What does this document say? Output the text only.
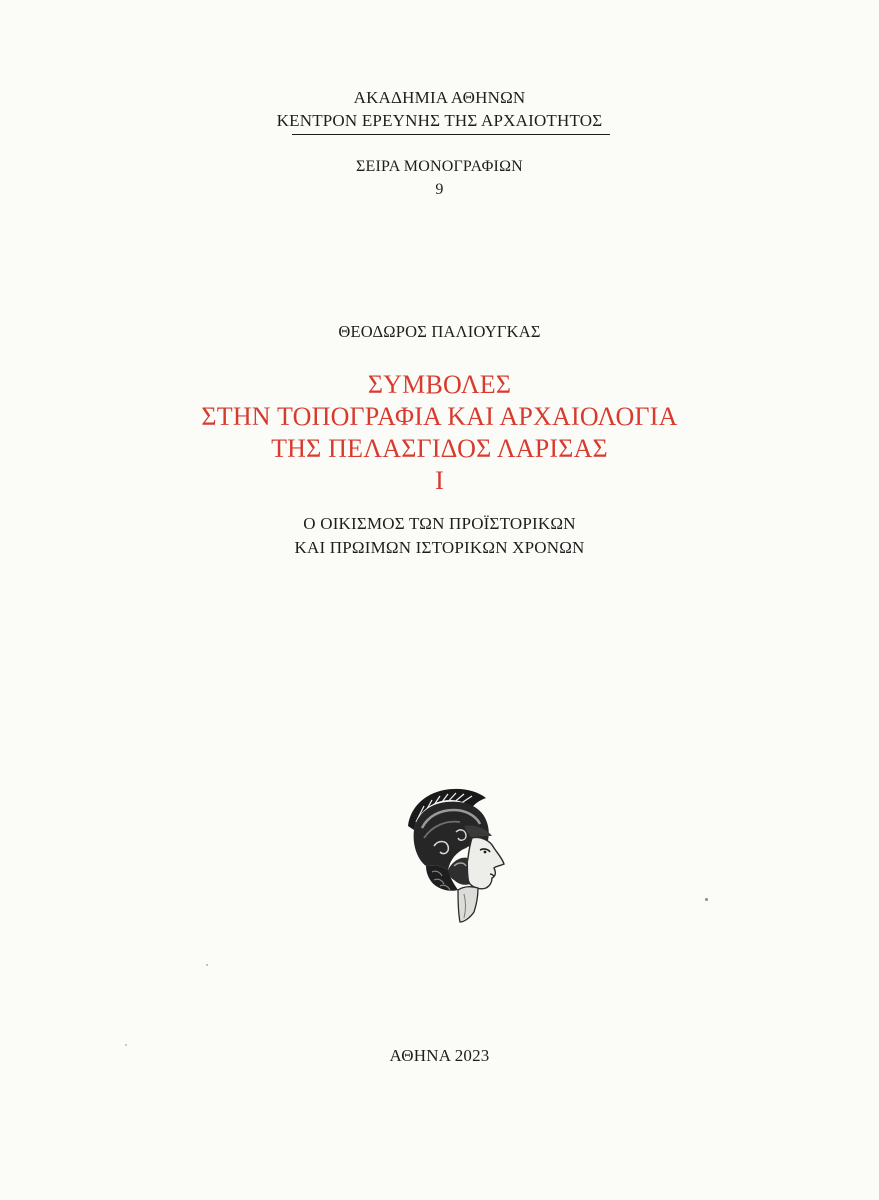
ΑΚΑΔΗΜΙΑ ΑΘΗΝΩΝ
ΚΕΝΤΡΟΝ ΕΡΕΥΝΗΣ ΤΗΣ ΑΡΧΑΙΟΤΗΤΟΣ
ΣΕΙΡΑ ΜΟΝΟΓΡΑΦΙΩΝ
9
ΘΕΟΔΩΡΟΣ ΠΑΛΙΟΥΓΚΑΣ
ΣΥΜΒΟΛΕΣ
ΣΤΗΝ ΤΟΠΟΓΡΑΦΙΑ ΚΑΙ ΑΡΧΑΙΟΛΟΓΙΑ
ΤΗΣ ΠΕΛΑΣΓΙΔΟΣ ΛΑΡΙΣΑΣ
I
Ο ΟΙΚΙΣΜΟΣ ΤΩΝ ΠΡΟΪΣΤΟΡΙΚΩΝ
ΚΑΙ ΠΡΩΙΜΩΝ ΙΣΤΟΡΙΚΩΝ ΧΡΟΝΩΝ
ΑΘΗΝΑ 2023
